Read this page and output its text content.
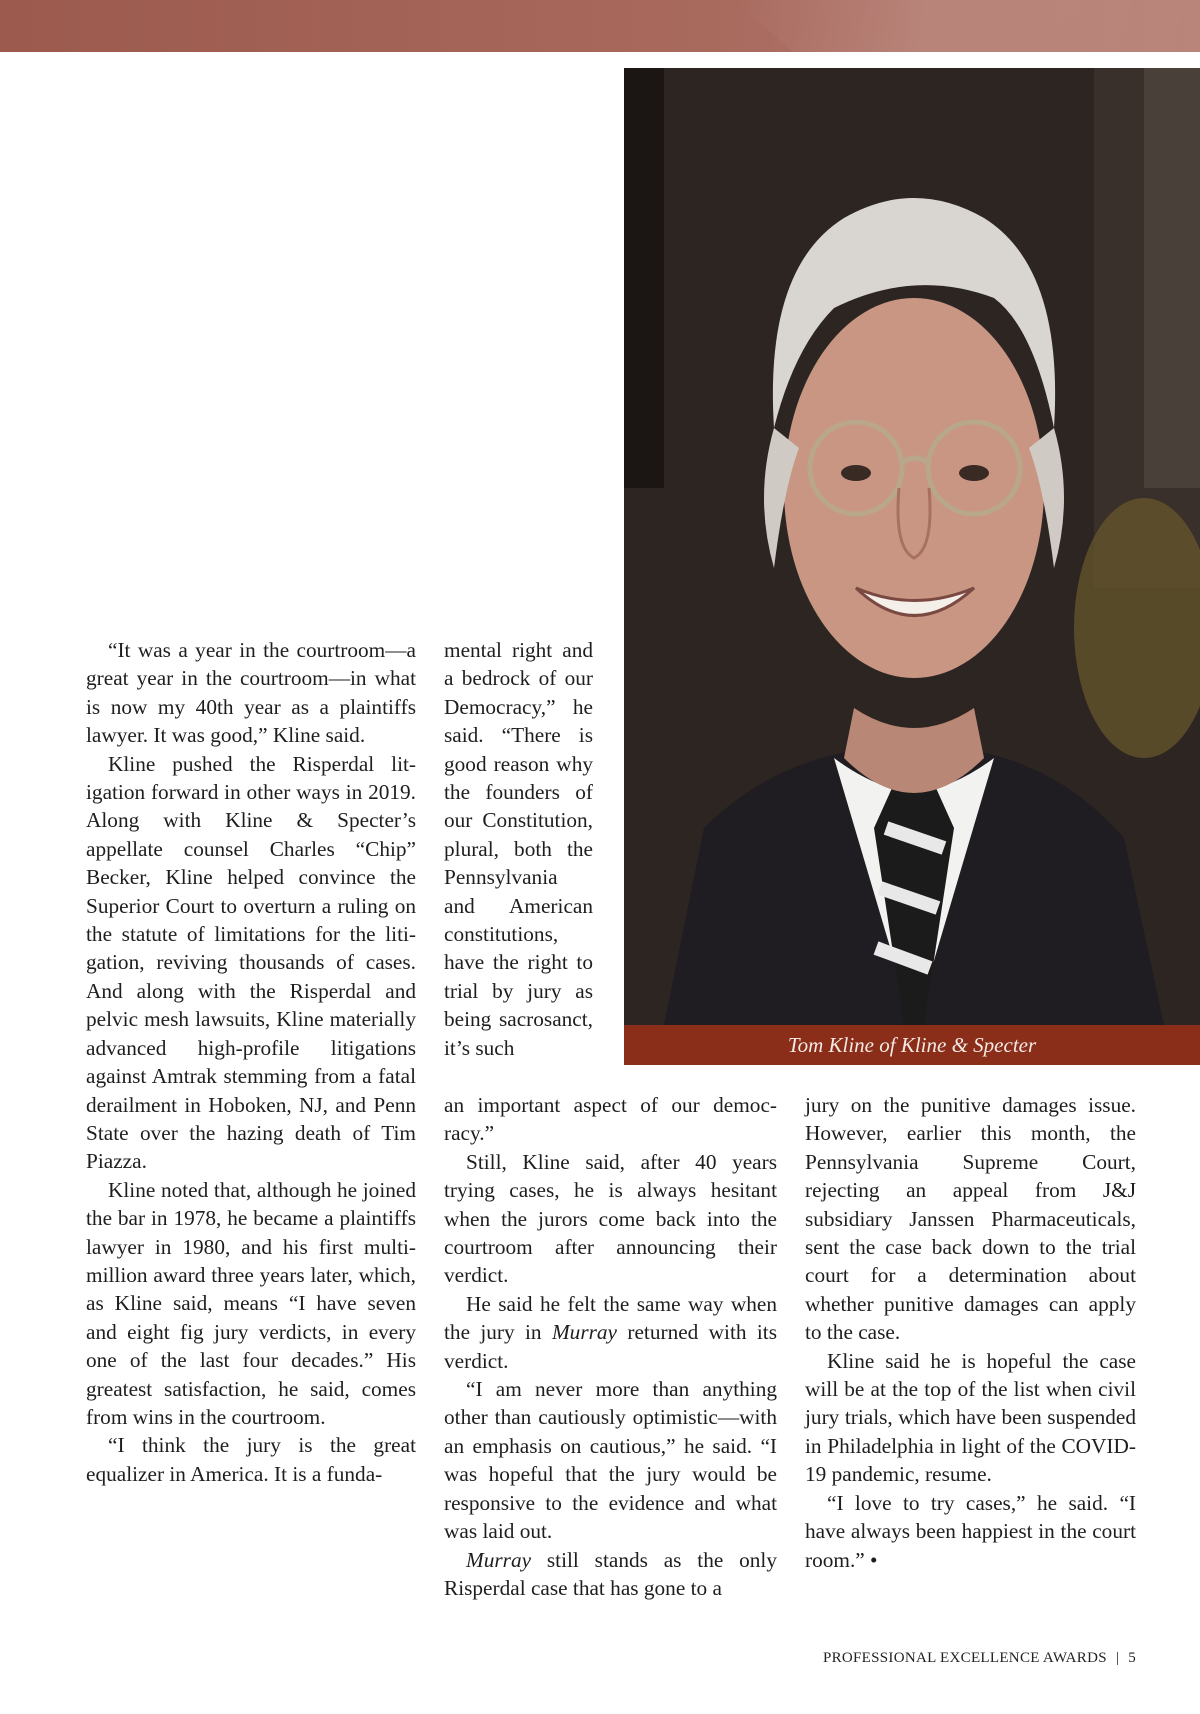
Tom Kline of Kline & Specter

“It was a year in the courtroom—a great year in the courtroom—in what is now my 40th year as a plaintiffs lawyer. It was good,” Kline said.

Kline pushed the Risperdal litigation forward in other ways in 2019. Along with Kline & Specter’s appellate counsel Charles “Chip” Becker, Kline helped convince the Superior Court to overturn a ruling on the statute of limitations for the litigation, reviving thousands of cases. And along with the Risperdal and pelvic mesh lawsuits, Kline materially advanced high-profile litigations against Amtrak stemming from a fatal derailment in Hoboken, NJ, and Penn State over the hazing death of Tim Piazza.

Kline noted that, although he joined the bar in 1978, he became a plaintiffs lawyer in 1980, and his first multi-million award three years later, which, as Kline said, means “I have seven and eight fig jury verdicts, in every one of the last four decades.” His greatest satisfaction, he said, comes from wins in the courtroom.

“I think the jury is the great equalizer in America. It is a funda-

mental right and a bedrock of our Democracy,” he said. “There is good reason why the founders of our Constitution, plural, both the Pennsylvania and American constitutions, have the right to trial by jury as being sacrosanct, it’s such

an important aspect of our democracy.”

Still, Kline said, after 40 years trying cases, he is always hesitant when the jurors come back into the courtroom after announcing their verdict.

He said he felt the same way when the jury in Murray returned with its verdict.

“I am never more than anything other than cautiously optimistic—with an emphasis on cautious,” he said. “I was hopeful that the jury would be responsive to the evidence and what was laid out.

Murray still stands as the only Risperdal case that has gone to a

jury on the punitive damages issue. However, earlier this month, the Pennsylvania Supreme Court, rejecting an appeal from J&J subsidiary Janssen Pharmaceuticals, sent the case back down to the trial court for a determination about whether punitive damages can apply to the case.

Kline said he is hopeful the case will be at the top of the list when civil jury trials, which have been suspended in Philadelphia in light of the COVID-19 pandemic, resume.

“I love to try cases,” he said. “I have always been happiest in the court room.” •

PROFESSIONAL EXCELLENCE AWARDS | 5
